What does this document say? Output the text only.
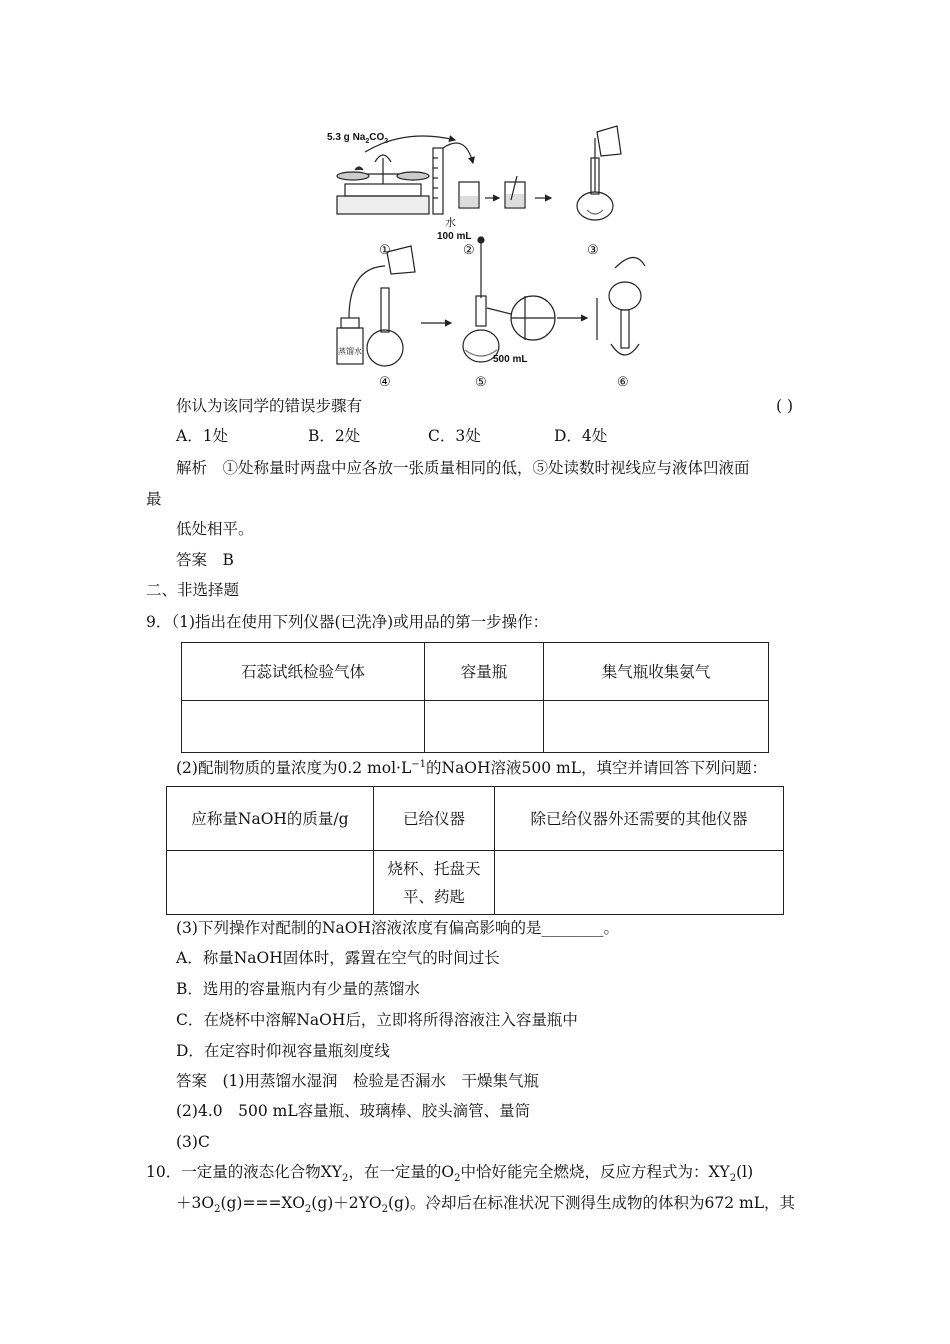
5.3 g $Na_2CO_3$
水
100 mL
①	②	③
蒸馏水
500 mL
④	⑤	⑥
你认为该同学的错误步骤有	( )
A．1处	B．2处	C．3处	D．4处
解析　①处称量时两盘中应各放一张质量相同的低，⑤处读数时视线应与液体凹液面
最
低处相平。
答案　B
二、非选择题
9．（1)指出在使用下列仪器(已洗净)或用品的第一步操作：
石蕊试纸检验气体	容量瓶	集气瓶收集氨气

(2)配制物质的量浓度为0.2 $mol\cdot L^{-1}$的NaOH溶液500 mL，填空并请回答下列问题：
应称量NaOH的质量/g	已给仪器	除已给仪器外还需要的其他仪器

	烧杯、托盘天
平、药匙	

(3)下列操作对配制的NaOH溶液浓度有偏高影响的是________。
A．称量NaOH固体时，露置在空气的时间过长
B．选用的容量瓶内有少量的蒸馏水
C．在烧杯中溶解NaOH后，立即将所得溶液注入容量瓶中
D．在定容时仰视容量瓶刻度线
答案　(1)用蒸馏水湿润　检验是否漏水　干燥集气瓶
(2)4.0　500 mL容量瓶、玻璃棒、胶头滴管、量筒
(3)C
10．一定量的液态化合物$XY_2$，在一定量的$O_2$中恰好能完全燃烧，反应方程式为：$XY_2(l)$
$+3O_2(g)===XO_2(g)+2YO_2(g)$。冷却后在标准状况下测得生成物的体积为672 mL，其
